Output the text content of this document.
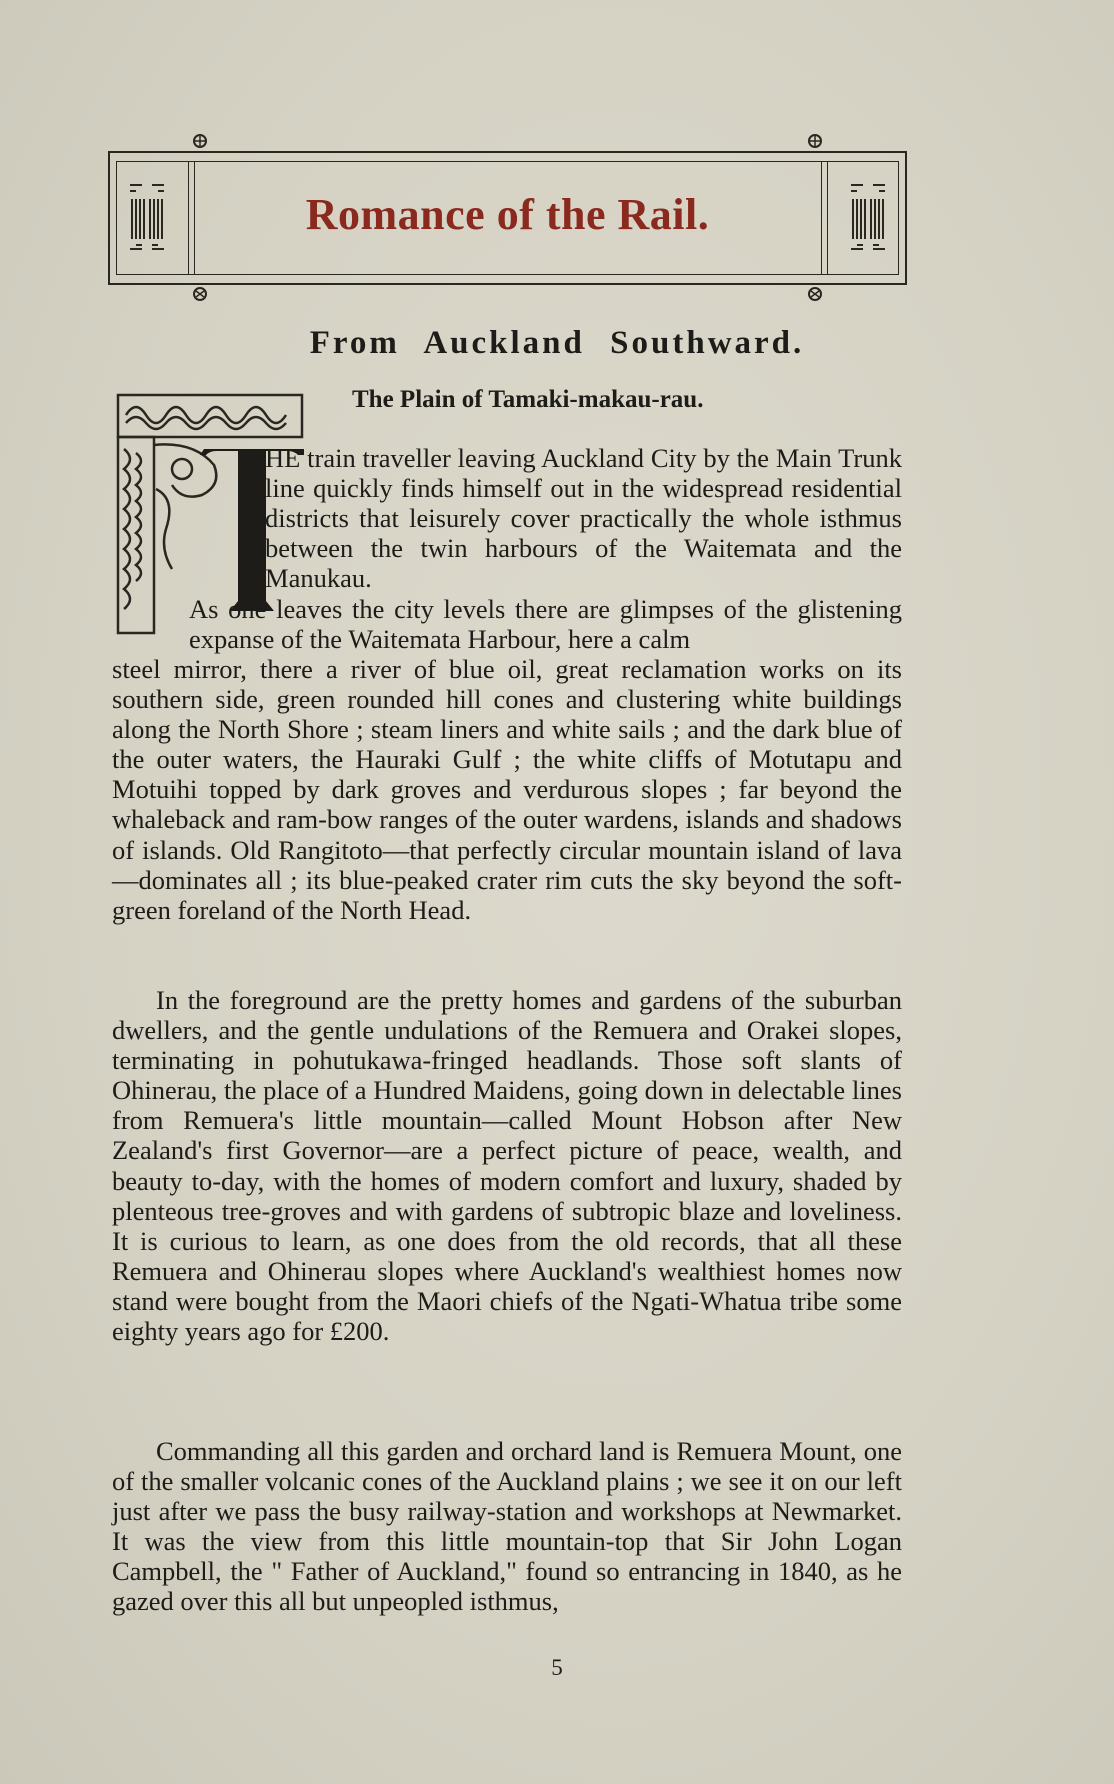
Romance of the Rail.
From Auckland Southward.
The Plain of Tamaki-makau-rau.

HE train traveller leaving Auckland City by the Main Trunk line quickly finds himself out in the widespread residential districts that leisurely cover practically the whole isthmus between the twin harbours of the Waitemata and the Manukau.

As one leaves the city levels there are glimpses of the glistening expanse of the Waitemata Harbour, here a calm

steel mirror, there a river of blue oil, great reclamation works on its southern side, green rounded hill cones and clustering white buildings along the North Shore ; steam liners and white sails ; and the dark blue of the outer waters, the Hauraki Gulf ; the white cliffs of Motutapu and Motuihi topped by dark groves and verdurous slopes ; far beyond the whaleback and ram-bow ranges of the outer wardens, islands and shadows of islands. Old Rangitoto—that perfectly circular mountain island of lava—dominates all ; its blue-peaked crater rim cuts the sky beyond the soft-green foreland of the North Head.

In the foreground are the pretty homes and gardens of the suburban dwellers, and the gentle undulations of the Remuera and Orakei slopes, terminating in pohutukawa-fringed headlands. Those soft slants of Ohinerau, the place of a Hundred Maidens, going down in delectable lines from Remuera's little mountain—called Mount Hobson after New Zealand's first Governor—are a perfect picture of peace, wealth, and beauty to-day, with the homes of modern comfort and luxury, shaded by plenteous tree-groves and with gardens of subtropic blaze and loveliness. It is curious to learn, as one does from the old records, that all these Remuera and Ohinerau slopes where Auckland's wealthiest homes now stand were bought from the Maori chiefs of the Ngati-Whatua tribe some eighty years ago for £200.

Commanding all this garden and orchard land is Remuera Mount, one of the smaller volcanic cones of the Auckland plains ; we see it on our left just after we pass the busy railway-station and workshops at Newmarket. It was the view from this little mountain-top that Sir John Logan Campbell, the " Father of Auckland," found so entrancing in 1840, as he gazed over this all but unpeopled isthmus,

5
